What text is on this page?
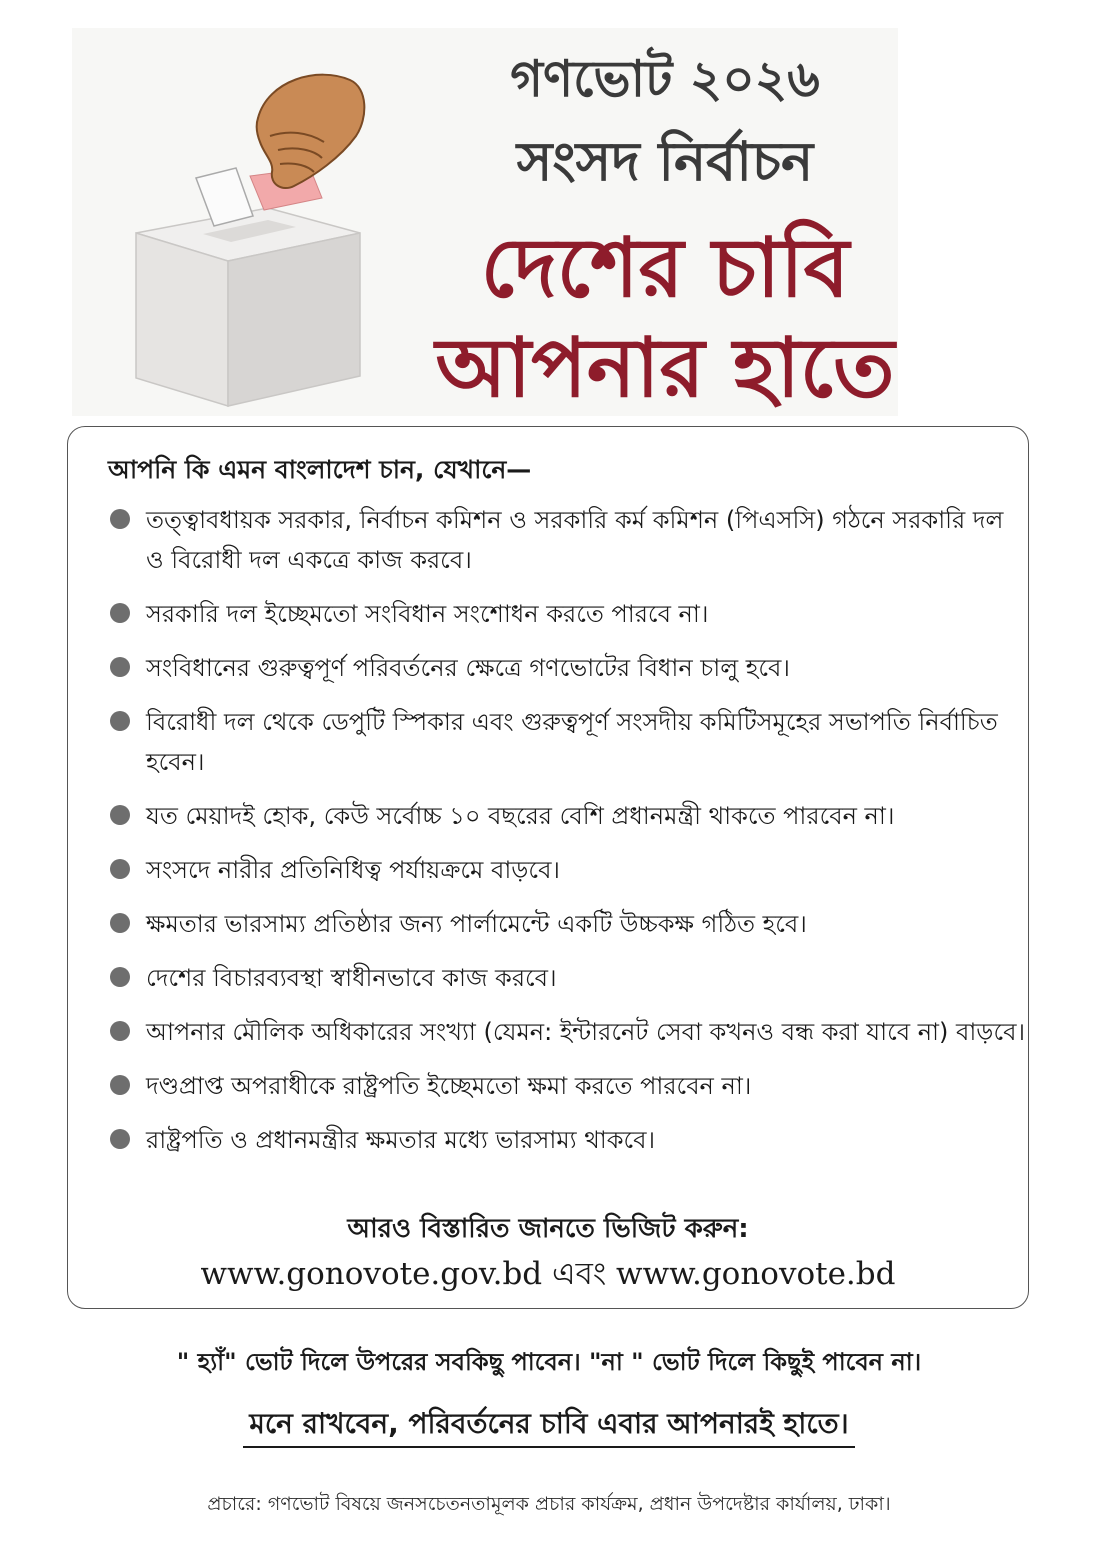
গণভোট ২০২৬
সংসদ নির্বাচন
দেশের চাবি
আপনার হাতে
আপনি কি এমন বাংলাদেশ চান, যেখানে—
তত্ত্বাবধায়ক সরকার, নির্বাচন কমিশন ও সরকারি কর্ম কমিশন (পিএসসি) গঠনে সরকারি দল ও বিরোধী দল একত্রে কাজ করবে।
সরকারি দল ইচ্ছেমতো সংবিধান সংশোধন করতে পারবে না।
সংবিধানের গুরুত্বপূর্ণ পরিবর্তনের ক্ষেত্রে গণভোটের বিধান চালু হবে।
বিরোধী দল থেকে ডেপুটি স্পিকার এবং গুরুত্বপূর্ণ সংসদীয় কমিটিসমূহের সভাপতি নির্বাচিত হবেন।
যত মেয়াদই হোক, কেউ সর্বোচ্চ ১০ বছরের বেশি প্রধানমন্ত্রী থাকতে পারবেন না।
সংসদে নারীর প্রতিনিধিত্ব পর্যায়ক্রমে বাড়বে।
ক্ষমতার ভারসাম্য প্রতিষ্ঠার জন্য পার্লামেন্টে একটি উচ্চকক্ষ গঠিত হবে।
দেশের বিচারব্যবস্থা স্বাধীনভাবে কাজ করবে।
আপনার মৌলিক অধিকারের সংখ্যা (যেমন: ইন্টারনেট সেবা কখনও বন্ধ করা যাবে না) বাড়বে।
দণ্ডপ্রাপ্ত অপরাধীকে রাষ্ট্রপতি ইচ্ছেমতো ক্ষমা করতে পারবেন না।
রাষ্ট্রপতি ও প্রধানমন্ত্রীর ক্ষমতার মধ্যে ভারসাম্য থাকবে।
আরও বিস্তারিত জানতে ভিজিট করুন:
www.gonovote.gov.bd এবং www.gonovote.bd
" হ্যাঁ" ভোট দিলে উপরের সবকিছু পাবেন। "না " ভোট দিলে কিছুই পাবেন না।
মনে রাখবেন, পরিবর্তনের চাবি এবার আপনারই হাতে।
প্রচারে: গণভোট বিষয়ে জনসচেতনতামূলক প্রচার কার্যক্রম, প্রধান উপদেষ্টার কার্যালয়, ঢাকা।
